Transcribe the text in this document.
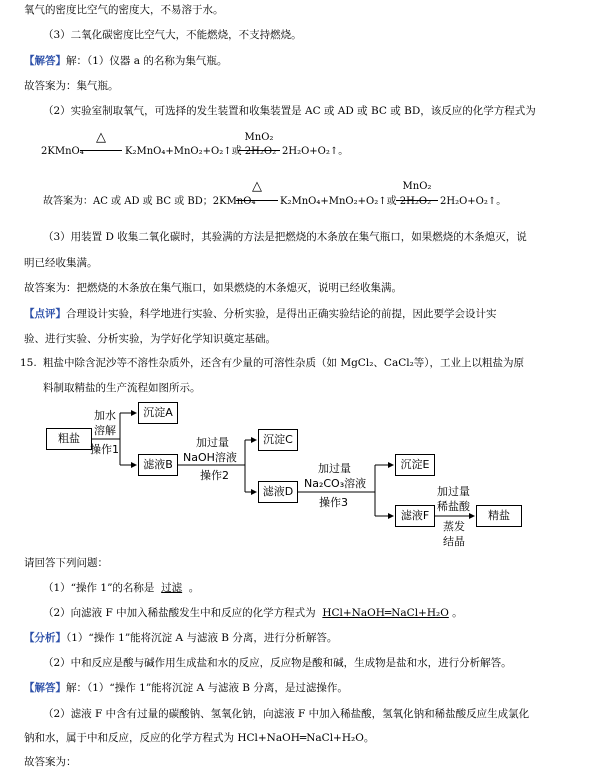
氧气的密度比空气的密度大，不易溶于水。
（3）二氧化碳密度比空气大，不能燃烧，不支持燃烧。
【解答】解：（1）仪器 a 的名称为集气瓶。
故答案为：集气瓶。
（2）实验室制取氧气，可选择的发生装置和收集装置是 AC 或 AD 或 BC 或 BD，该反应的化学方程式为
2KMnO₄
△
K₂MnO₄+MnO₂+O₂↑或 2H₂O₂
MnO₂
2H₂O+O₂↑。
故答案为：AC 或 AD 或 BC 或 BD；2KMnO₄
△
K₂MnO₄+MnO₂+O₂↑或 2H₂O₂
MnO₂
2H₂O+O₂↑。
（3）用装置 D 收集二氧化碳时，其验满的方法是把燃烧的木条放在集气瓶口，如果燃烧的木条熄灭，说
明已经收集满。
故答案为：把燃烧的木条放在集气瓶口，如果燃烧的木条熄灭，说明已经收集满。
【点评】合理设计实验，科学地进行实验、分析实验，是得出正确实验结论的前提，因此要学会设计实
验、进行实验、分析实验，为学好化学知识奠定基础。
15. 粗盐中除含泥沙等不溶性杂质外，还含有少量的可溶性杂质（如 MgCl₂、CaCl₂等），工业上以粗盐为原
料制取精盐的生产流程如图所示。
粗盐
沉淀A
滤液B
沉淀C
滤液D
沉淀E
滤液F	精盐
加水
溶解
操作1
加过量
NaOH溶液
操作2
加过量
Na₂CO₃溶液
操作3
加过量
稀盐酸
蒸发
结晶
请回答下列问题：
（1）“操作 1”的名称是 过滤  。
（2）向滤液 F 中加入稀盐酸发生中和反应的化学方程式为 HCl+NaOH═NaCl+H₂O 。
【分析】（1）“操作 1”能将沉淀 A 与滤液 B 分离，进行分析解答。
（2）中和反应是酸与碱作用生成盐和水的反应，反应物是酸和碱，生成物是盐和水，进行分析解答。
【解答】解：（1）“操作 1”能将沉淀 A 与滤液 B 分离，是过滤操作。
（2）滤液 F 中含有过量的碳酸钠、氢氧化钠，向滤液 F 中加入稀盐酸，氢氧化钠和稀盐酸反应生成氯化
钠和水，属于中和反应，反应的化学方程式为 HCl+NaOH═NaCl+H₂O。
故答案为：
